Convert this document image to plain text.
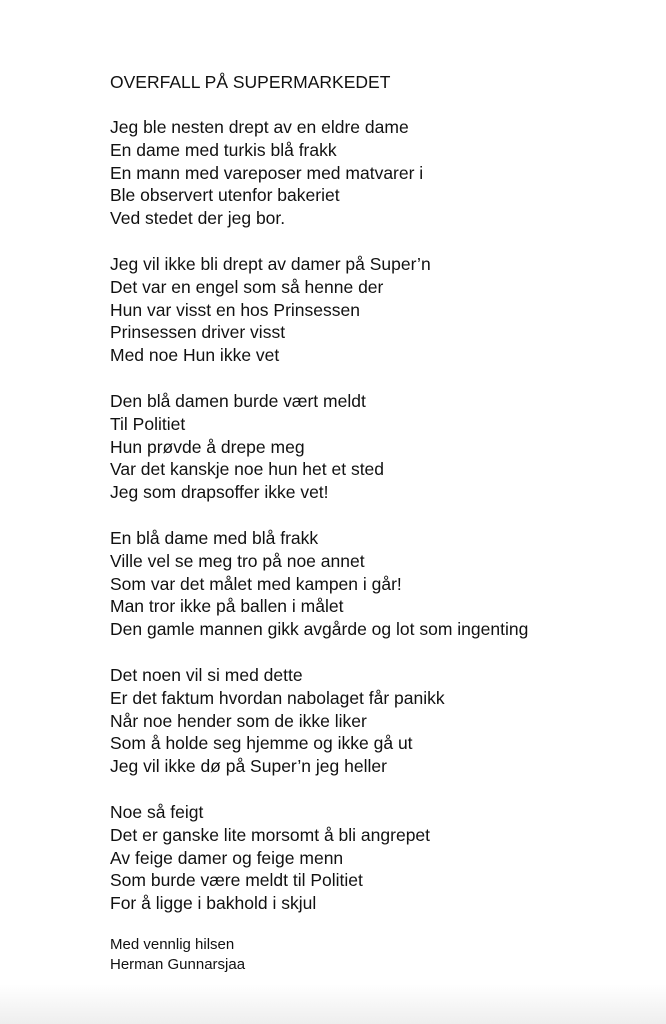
OVERFALL PÅ SUPERMARKEDET
Jeg ble nesten drept av en eldre dame
En dame med turkis blå frakk
En mann med vareposer med matvarer i
Ble observert utenfor bakeriet
Ved stedet der jeg bor.
Jeg vil ikke bli drept av damer på Super’n
Det var en engel som så henne der
Hun var visst en hos Prinsessen
Prinsessen driver visst
Med noe Hun ikke vet
Den blå damen burde vært meldt
Til Politiet
Hun prøvde å drepe meg
Var det kanskje noe hun het et sted
Jeg som drapsoffer ikke vet!
En blå dame med blå frakk
Ville vel se meg tro på noe annet
Som var det målet med kampen i går!
Man tror ikke på ballen i målet
Den gamle mannen gikk avgårde og lot som ingenting
Det noen vil si med dette
Er det faktum hvordan nabolaget får panikk
Når noe hender som de ikke liker
Som å holde seg hjemme og ikke gå ut
Jeg vil ikke dø på Super’n jeg heller
Noe så feigt
Det er ganske lite morsomt å bli angrepet
Av feige damer og feige menn
Som burde være meldt til Politiet
For å ligge i bakhold i skjul
Med vennlig hilsen
Herman Gunnarsjaa
